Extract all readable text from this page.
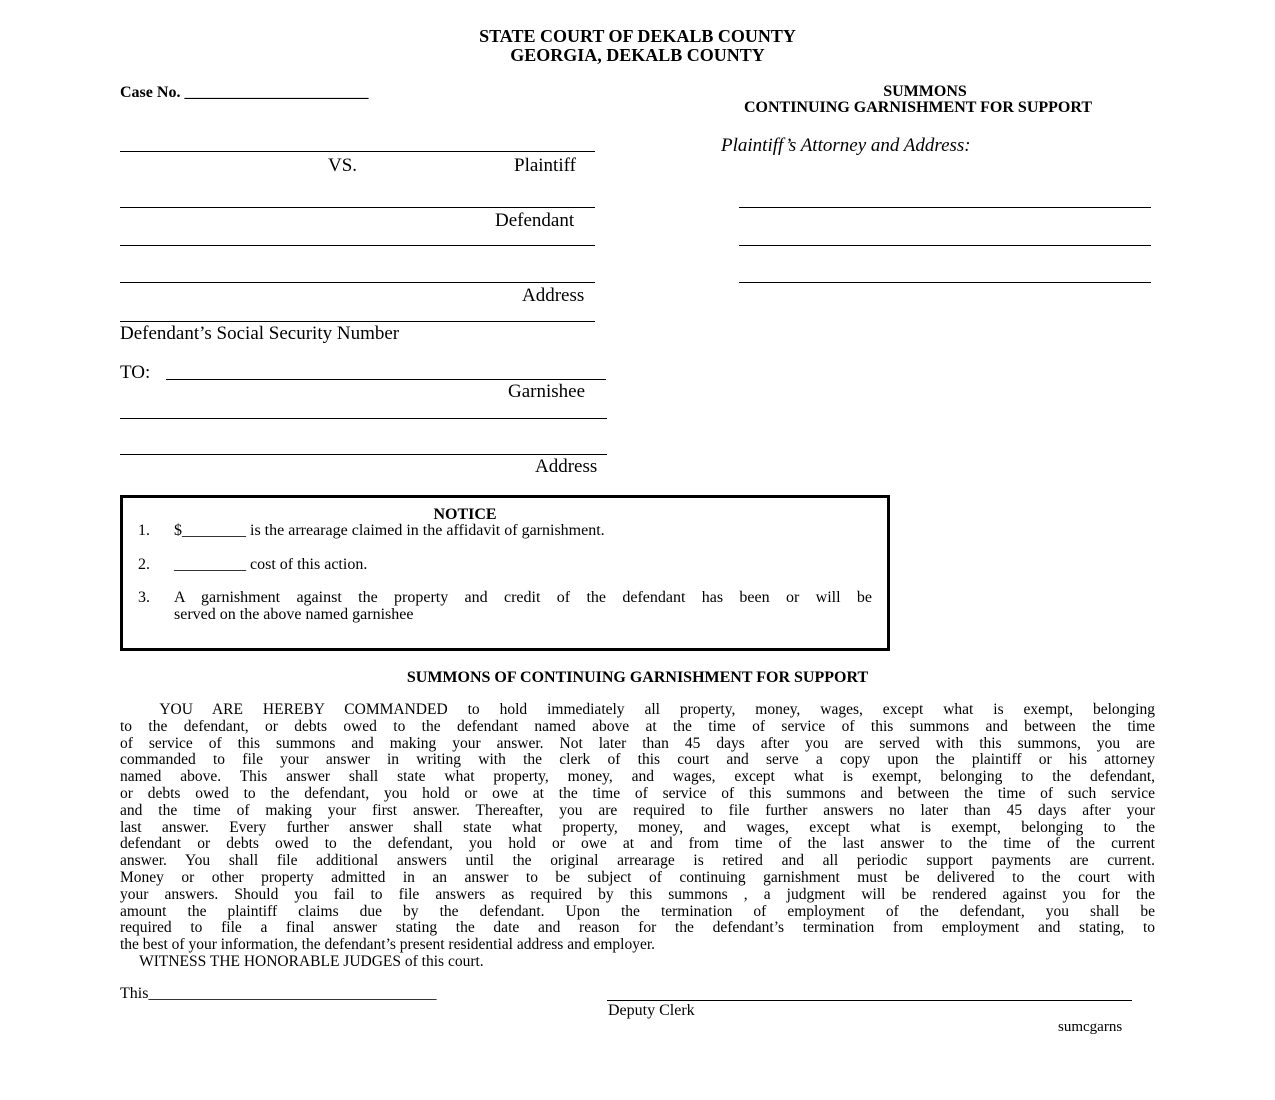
STATE COURT OF DEKALB COUNTY
GEORGIA, DEKALB COUNTY
Case No. _______________________	SUMMONS
CONTINUING GARNISHMENT FOR SUPPORT
Plaintiff’s Attorney and Address:
VS.	Plaintiff
Defendant
Address
Defendant’s Social Security Number
TO:
Garnishee
Address
NOTICE
1. $________ is the arrearage claimed in the affidavit of garnishment.
2. _________ cost of this action.
3. A garnishment against the property and credit of the defendant has been or will be
served on the above named garnishee
SUMMONS OF CONTINUING GARNISHMENT FOR SUPPORT
YOU ARE HEREBY COMMANDED to hold immediately all property, money, wages, except what is exempt, belonging
to the defendant, or debts owed to the defendant named above at the time of service of this summons and between the time
of service of this summons and making your answer. Not later than 45 days after you are served with this summons, you are
commanded to file your answer in writing with the clerk of this court and serve a copy upon the plaintiff or his attorney
named above. This answer shall state what property, money, and wages, except what is exempt, belonging to the defendant,
or debts owed to the defendant, you hold or owe at the time of service of this summons and between the time of such service
and the time of making your first answer. Thereafter, you are required to file further answers no later than 45 days after your
last answer. Every further answer shall state what property, money, and wages, except what is exempt, belonging to the
defendant or debts owed to the defendant, you hold or owe at and from time of the last answer to the time of the current
answer. You shall file additional answers until the original arrearage is retired and all periodic support payments are current.
Money or other property admitted in an answer to be subject of continuing garnishment must be delivered to the court with
your answers. Should you fail to file answers as required by this summons , a judgment will be rendered against you for the
amount the plaintiff claims due by the defendant. Upon the termination of employment of the defendant, you shall be
required to file a final answer stating the date and reason for the defendant’s termination from employment and stating, to
the best of your information, the defendant’s present residential address and employer.
WITNESS THE HONORABLE JUDGES of this court.
This____________________________________
Deputy Clerk
sumcgarns
